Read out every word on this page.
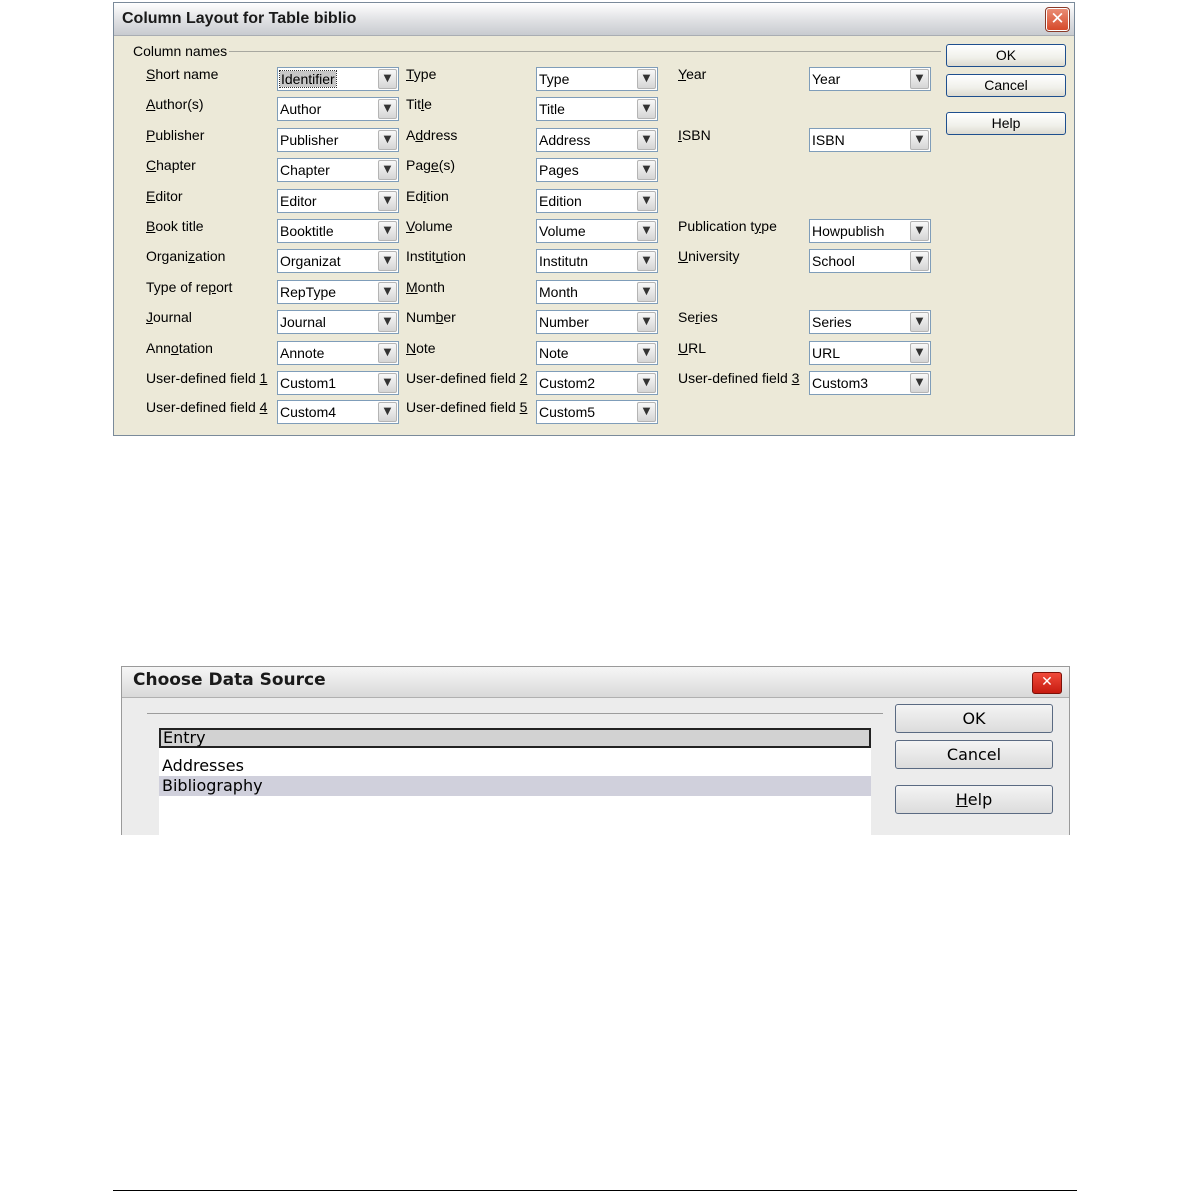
Column Layout for Table biblio	✕
Column names
Short name	Identifier	▼	Type	Type	▼	Year	Year	▼
Author(s)	Author	▼	Title	Title	▼
Publisher	Publisher	▼	Address	Address	▼	ISBN	ISBN	▼
Chapter	Chapter	▼	Page(s)	Pages	▼
Editor	Editor	▼	Edition	Edition	▼
Book title	Booktitle	▼	Volume	Volume	▼	Publication type	Howpublish	▼
Organization	Organizat	▼	Institution	Institutn	▼	University	School	▼
Type of report	RepType	▼	Month	Month	▼
Journal	Journal	▼	Number	Number	▼	Series	Series	▼
Annotation	Annote	▼	Note	Note	▼	URL	URL	▼
User-defined field 1 Custom1	▼	User-defined field 2 Custom2	▼	User-defined field 3 Custom3	▼
User-defined field 4 Custom4	▼	User-defined field 5 Custom5	▼
OK
Cancel
Help
Choose Data Source	✕
Entry
Addresses
Bibliography
OK
Cancel
Help
